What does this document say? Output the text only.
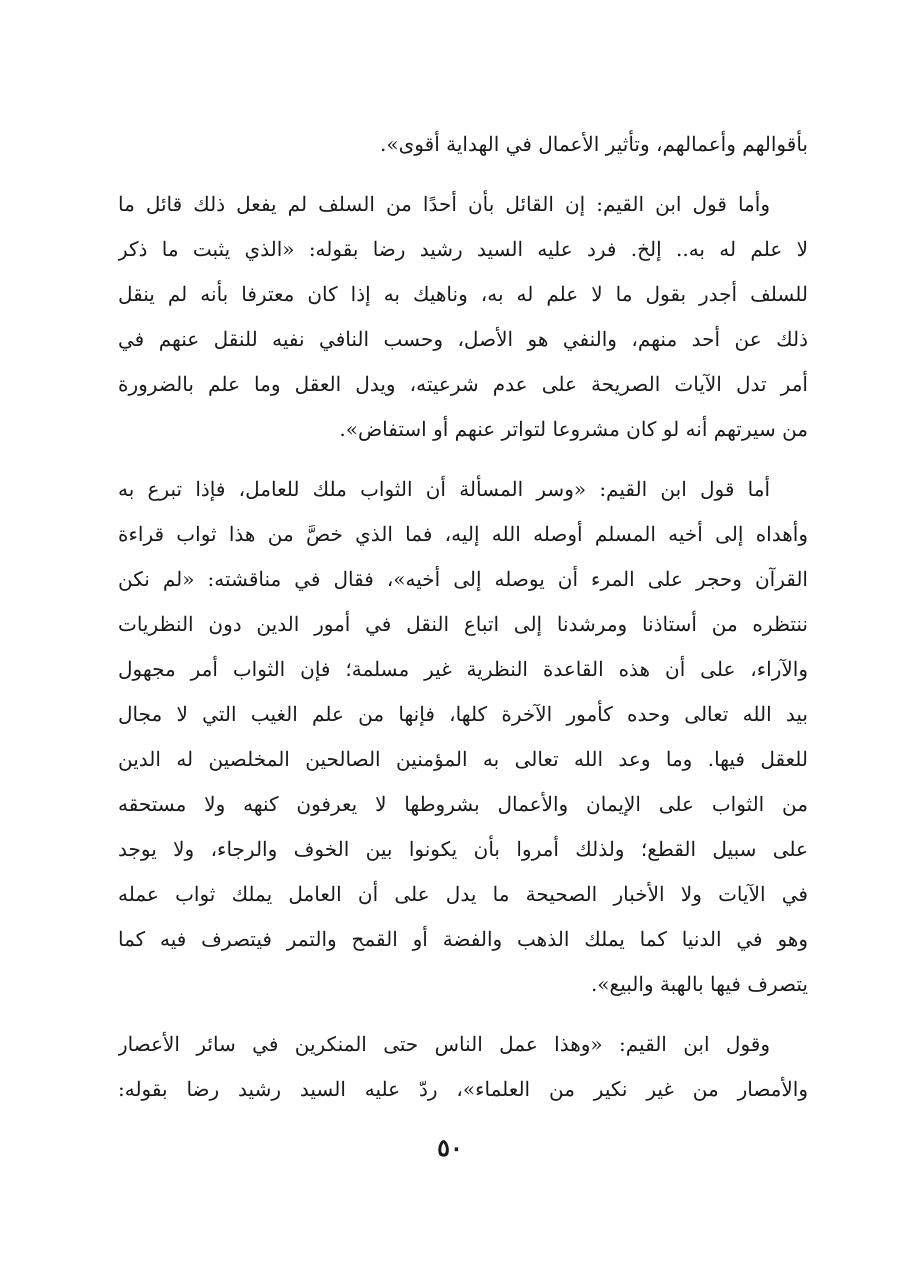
بأقوالهم وأعمالهم، وتأثير الأعمال في الهداية أقوى».
وأما قول ابن القيم: إن القائل بأن أحدًا من السلف لم يفعل ذلك قائل ما
لا علم له به.. إلخ. فرد عليه السيد رشيد رضا بقوله: «الذي يثبت ما ذكر
للسلف أجدر بقول ما لا علم له به، وناهيك به إذا كان معترفا بأنه لم ينقل
ذلك عن أحد منهم، والنفي هو الأصل، وحسب النافي نفيه للنقل عنهم في
أمر تدل الآيات الصريحة على عدم شرعيته، ويدل العقل وما علم بالضرورة
من سيرتهم أنه لو كان مشروعا لتواتر عنهم أو استفاض».
أما قول ابن القيم: «وسر المسألة أن الثواب ملك للعامل، فإذا تبرع به
وأهداه إلى أخيه المسلم أوصله الله إليه، فما الذي خصَّ من هذا ثواب قراءة
القرآن وحجر على المرء أن يوصله إلى أخيه»، فقال في مناقشته: «لم نكن
ننتظره من أستاذنا ومرشدنا إلى اتباع النقل في أمور الدين دون النظريات
والآراء، على أن هذه القاعدة النظرية غير مسلمة؛ فإن الثواب أمر مجهول
بيد الله تعالى وحده كأمور الآخرة كلها، فإنها من علم الغيب التي لا مجال
للعقل فيها. وما وعد الله تعالى به المؤمنين الصالحين المخلصين له الدين
من الثواب على الإيمان والأعمال بشروطها لا يعرفون كنهه ولا مستحقه
على سبيل القطع؛ ولذلك أمروا بأن يكونوا بين الخوف والرجاء، ولا يوجد
في الآيات ولا الأخبار الصحيحة ما يدل على أن العامل يملك ثواب عمله
وهو في الدنيا كما يملك الذهب والفضة أو القمح والتمر فيتصرف فيه كما
يتصرف فيها بالهبة والبيع».
وقول ابن القيم: «وهذا عمل الناس حتى المنكرين في سائر الأعصار
والأمصار من غير نكير من العلماء»، ردّ عليه السيد رشيد رضا بقوله:
٥٠
